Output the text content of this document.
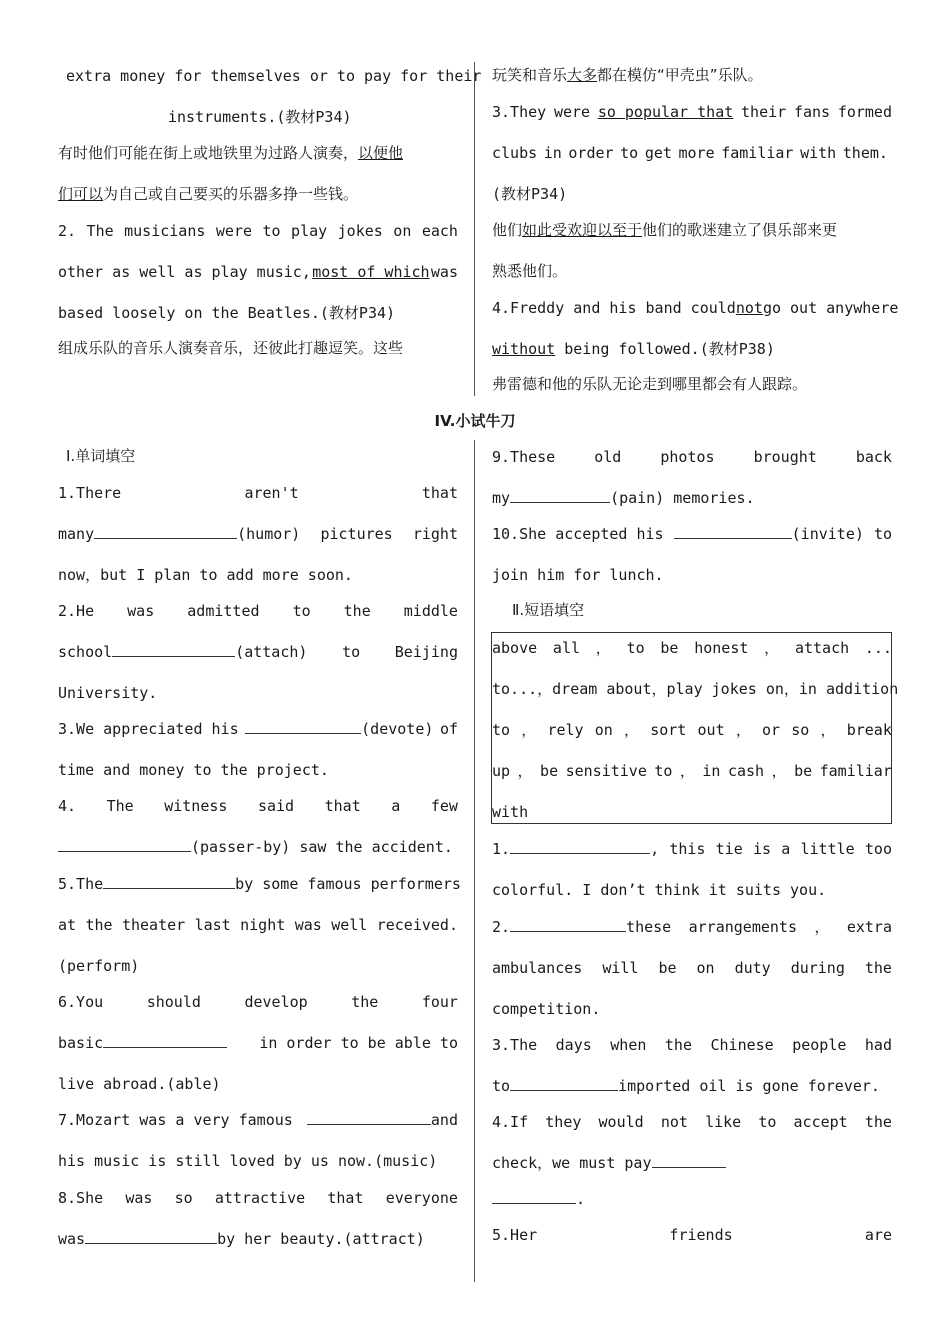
extra money for themselves or to pay for their
instruments.(教材P34)
有时他们可能在街上或地铁里为过路人演奏，以便他
们可以为自己或自己要买的乐器多挣一些钱。
2. The musicians were to play jokes on each
other as well as play music, most of which was
based loosely on the Beatles.(教材P34)
组成乐队的音乐人演奏音乐，还彼此打趣逗笑。这些
玩笑和音乐大多都在模仿“甲壳虫”乐队。
3.They were so popular that their fans formed
clubs in order to get more familiar with them.
(教材P34)
他们如此受欢迎以至于他们的歌迷建立了俱乐部来更
熟悉他们。
4.Freddy and his band could not go out anywhere
without being followed.(教材P38)
弗雷德和他的乐队无论走到哪里都会有人跟踪。
IV.小试牛刀
Ⅰ.单词填空
1.There	aren't	that
many	(humor) pictures right
now，but I plan to add more soon.
2.He was admitted to the middle
school	(attach) to Beijing
University.
3.We appreciated his	(devote) of
time and money to the project.
4. The witness said that a few
(passer-by) saw the accident.
5.The	by some famous performers
at the theater last night was well received.
(perform)
6.You	should	develop	the	four
basic	in order to be able to
live abroad.(able)
7.Mozart was a very famous	and
his music is still loved by us now.(music)
8.She was so attractive that everyone
was	by her beauty.(attract)
9.These	old	photos	brought	back
my	(pain) memories.
10.She accepted his	(invite) to
join him for lunch.
Ⅱ.短语填空
above all ， to be honest ， attach ...
to...，dream about，play jokes on，in addition
to ， rely on ， sort out ， or so ， break
up ， be sensitive to ， in cash ， be familiar
with
1.	, this tie is a little too
colorful. I don’t think it suits you.
2.	these arrangements ， extra
ambulances will be on duty during the
competition.
3.The days when the Chinese people had
to	imported oil is gone forever.
4.If they would not like to accept the
check，we must pay
.
5.Her	friends	are
